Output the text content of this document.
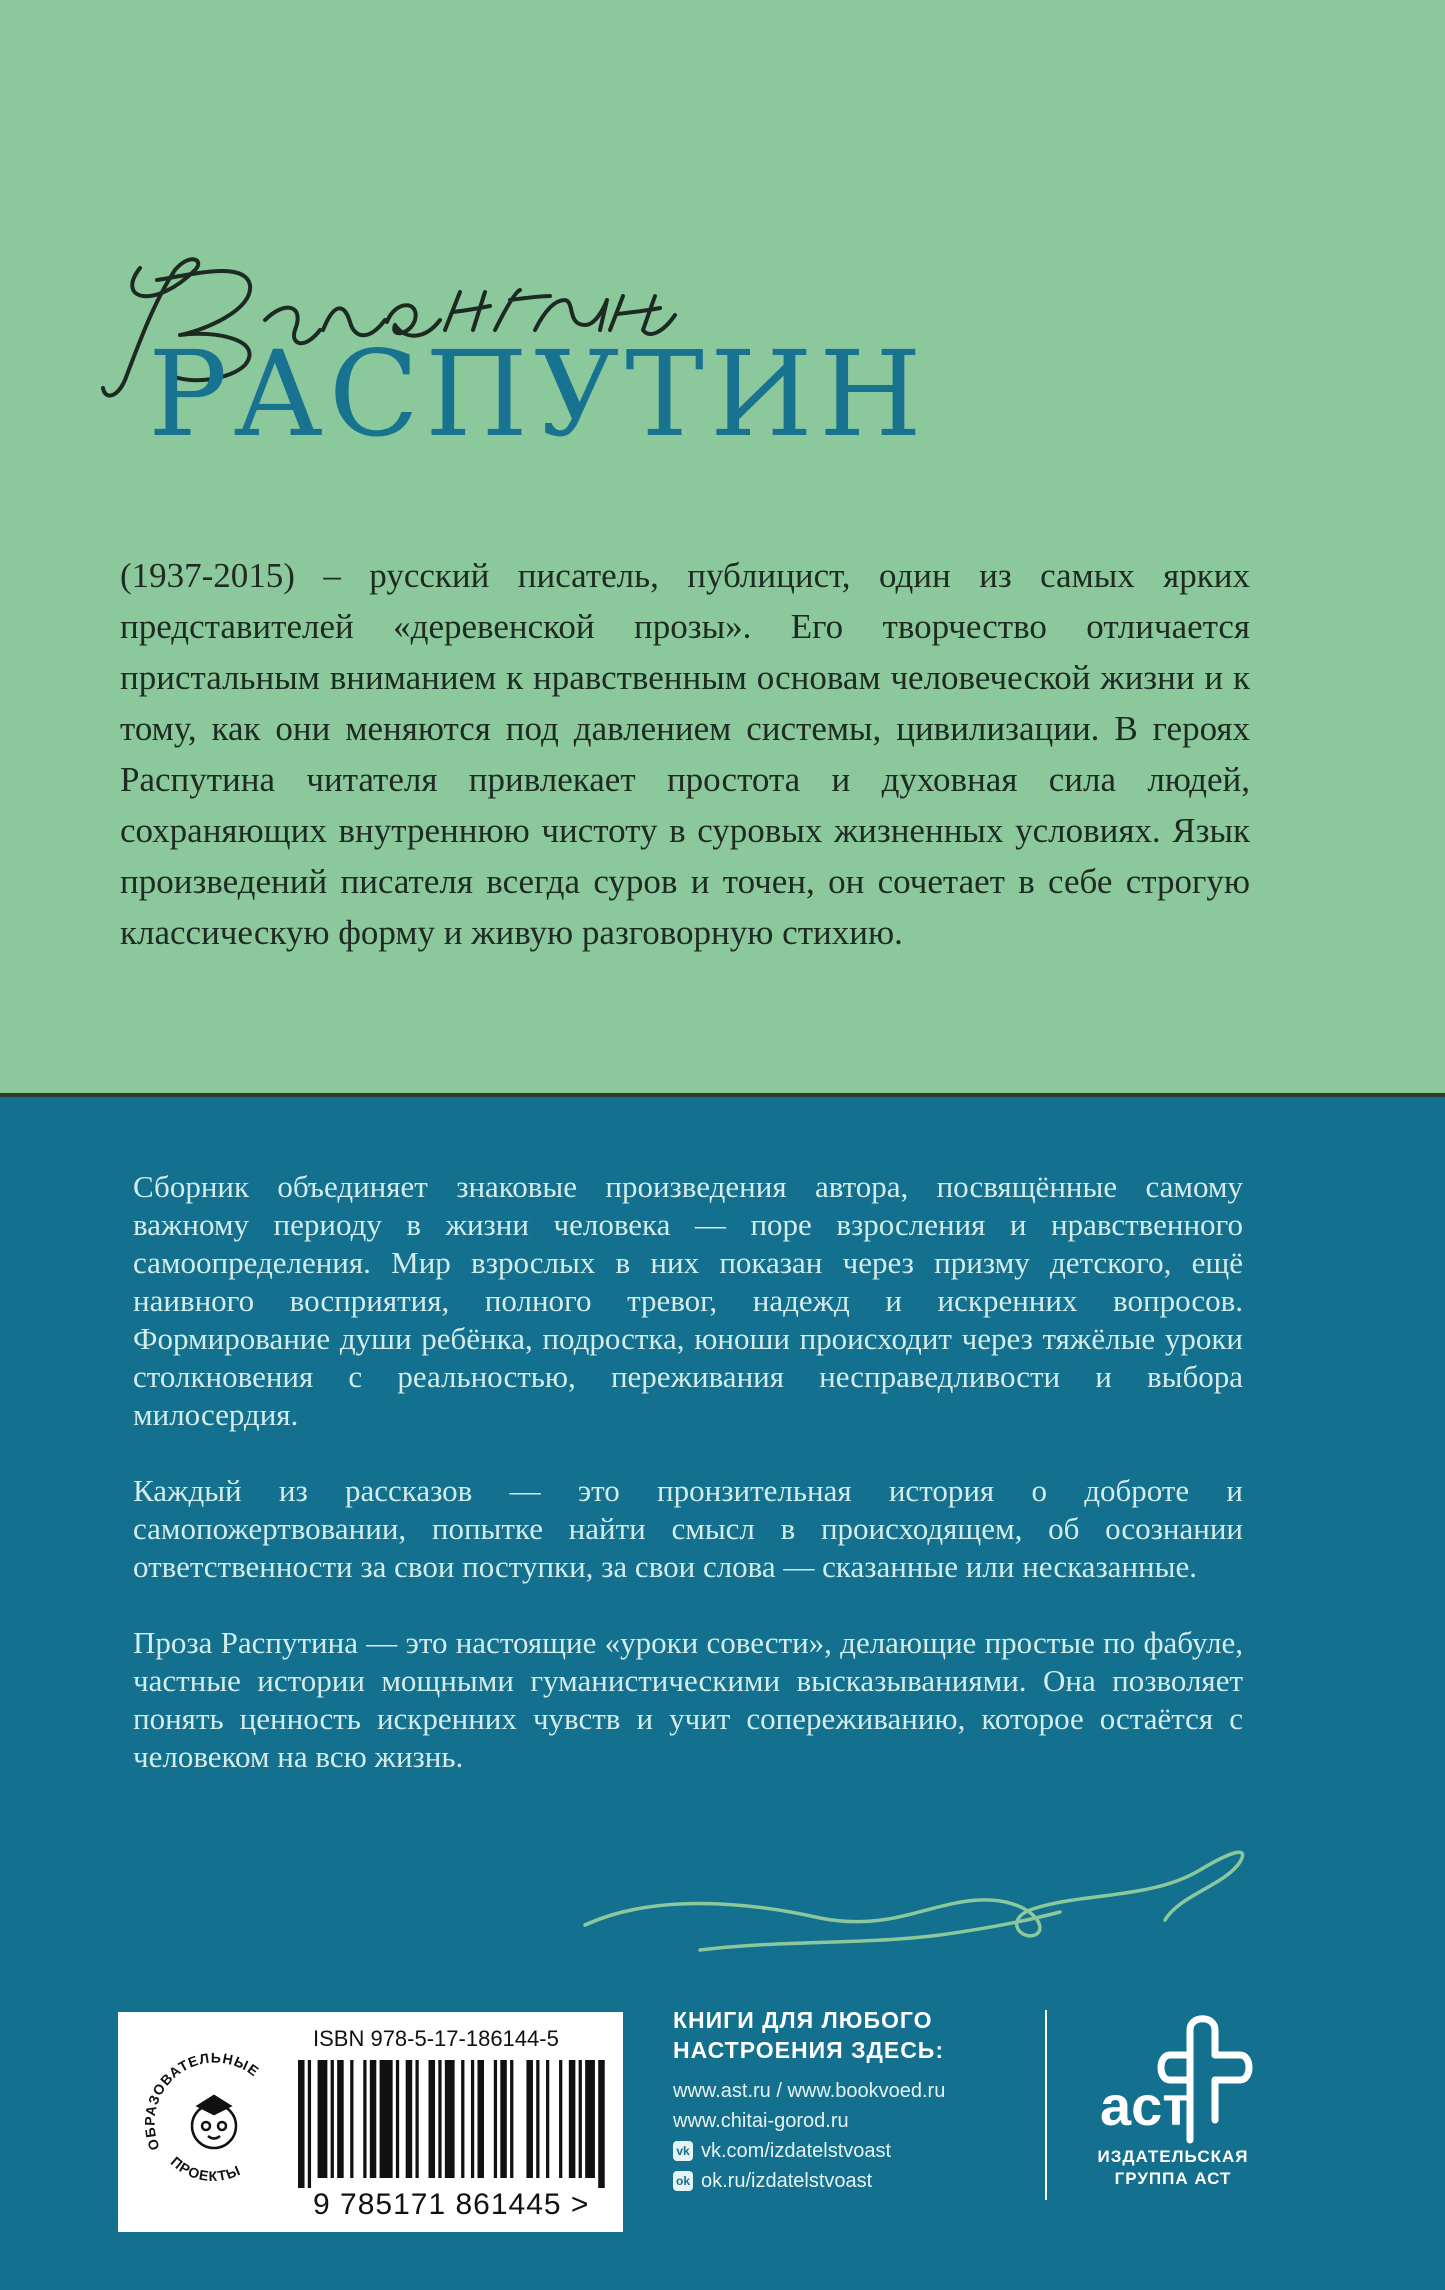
РАСПУТИН

(1937-2015) – русский писатель, публицист, один из самых ярких представителей «деревенской прозы». Его творчество отличается пристальным вниманием к нравственным основам человеческой жизни и к тому, как они меняются под давлением системы, цивилизации. В героях Распутина читателя привлекает простота и духовная сила людей, сохраняющих внутреннюю чистоту в суровых жизненных условиях. Язык произведений писателя всегда суров и точен, он сочетает в себе строгую классическую форму и живую разговорную стихию.

Сборник объединяет знаковые произведения автора, посвящённые самому важному периоду в жизни человека — поре взросления и нравственного самоопределения. Мир взрослых в них показан через призму детского, ещё наивного восприятия, полного тревог, надежд и искренних вопросов. Формирование души ребёнка, подростка, юноши происходит через тяжёлые уроки столкновения с реальностью, переживания несправедливости и выбора милосердия.

Каждый из рассказов — это пронзительная история о доброте и самопожертвовании, попытке найти смысл в происходящем, об осознании ответственности за свои поступки, за свои слова — сказанные или несказанные.

Проза Распутина — это настоящие «уроки совести», делающие простые по фабуле, частные истории мощными гуманистическими высказываниями. Она позволяет понять ценность искренних чувств и учит сопереживанию, которое остаётся с человеком на всю жизнь.

ОБРАЗОВАТЕЛЬНЫЕ
ПРОЕКТЫ
ISBN 978-5-17-186144-5
9 785171 861445 >
КНИГИ ДЛЯ ЛЮБОГО
НАСТРОЕНИЯ ЗДЕСЬ:
www.ast.ru / www.bookvoed.ru
www.chitai-gorod.ru
vk vk.com/izdatelstvoast
ok ok.ru/izdatelstvoast
аст
ИЗДАТЕЛЬСКАЯ
ГРУППА АСТ
